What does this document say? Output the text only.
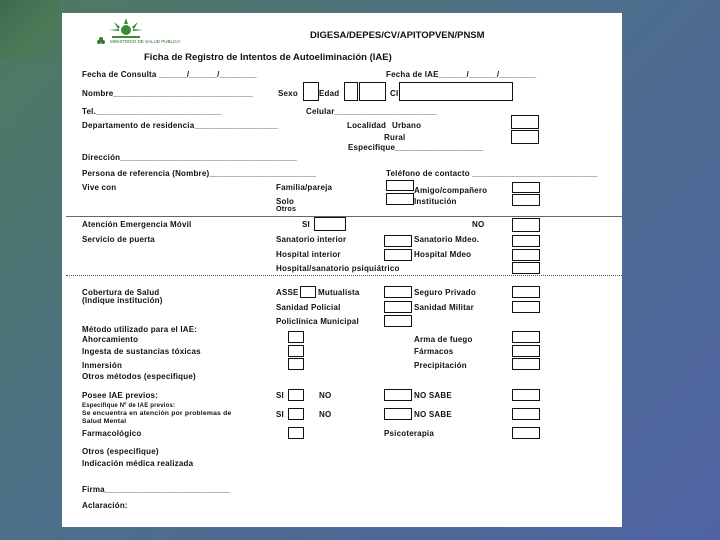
MINISTERIO DE SALUD PÚBLICA
DIGESA/DEPES/CV/APITOPVEN/PNSM
Ficha de Registro de Intentos de Autoeliminación (IAE)
Fecha de Consulta ______/______/________	Fecha de IAE______/______/________
Nombre______________________________	Sexo	Edad	CI
Tel.___________________________	Celular______________________
Departamento de residencia__________________	Localidad Urbano
Rural
Especifique___________________
Dirección______________________________________
Persona de referencia (Nombre)_______________________	Teléfono de contacto ___________________________
Vive con	Familia/pareja	Amigo/compañero
Solo	Institución
Otros
Atención Emergencia Móvil	SI	NO
Servicio de puerta	Sanatorio interior	Sanatorio Mdeo.
Hospital interior	Hospital Mdeo
Hospital/sanatorio psiquiátrico
Cobertura de Salud
(Indique institución)
ASSE Mutualista	Seguro Privado
Sanidad Policial	Sanidad Militar
Policlínica Municipal
Método utilizado para el IAE:
Ahorcamiento	Arma de fuego
Ingesta de sustancias tóxicas	Fármacos
Inmersión	Precipitación
Otros métodos (especifique)
Posee IAE previos:	SI	NO	NO SABE
Especifique Nº de IAE previos:
Se encuentra en atención por problemas de
Salud Mental
SI	NO	NO SABE
Farmacológico	Psicoterapia
Otros (especifique)
Indicación médica realizada
Firma___________________________
Aclaración:
